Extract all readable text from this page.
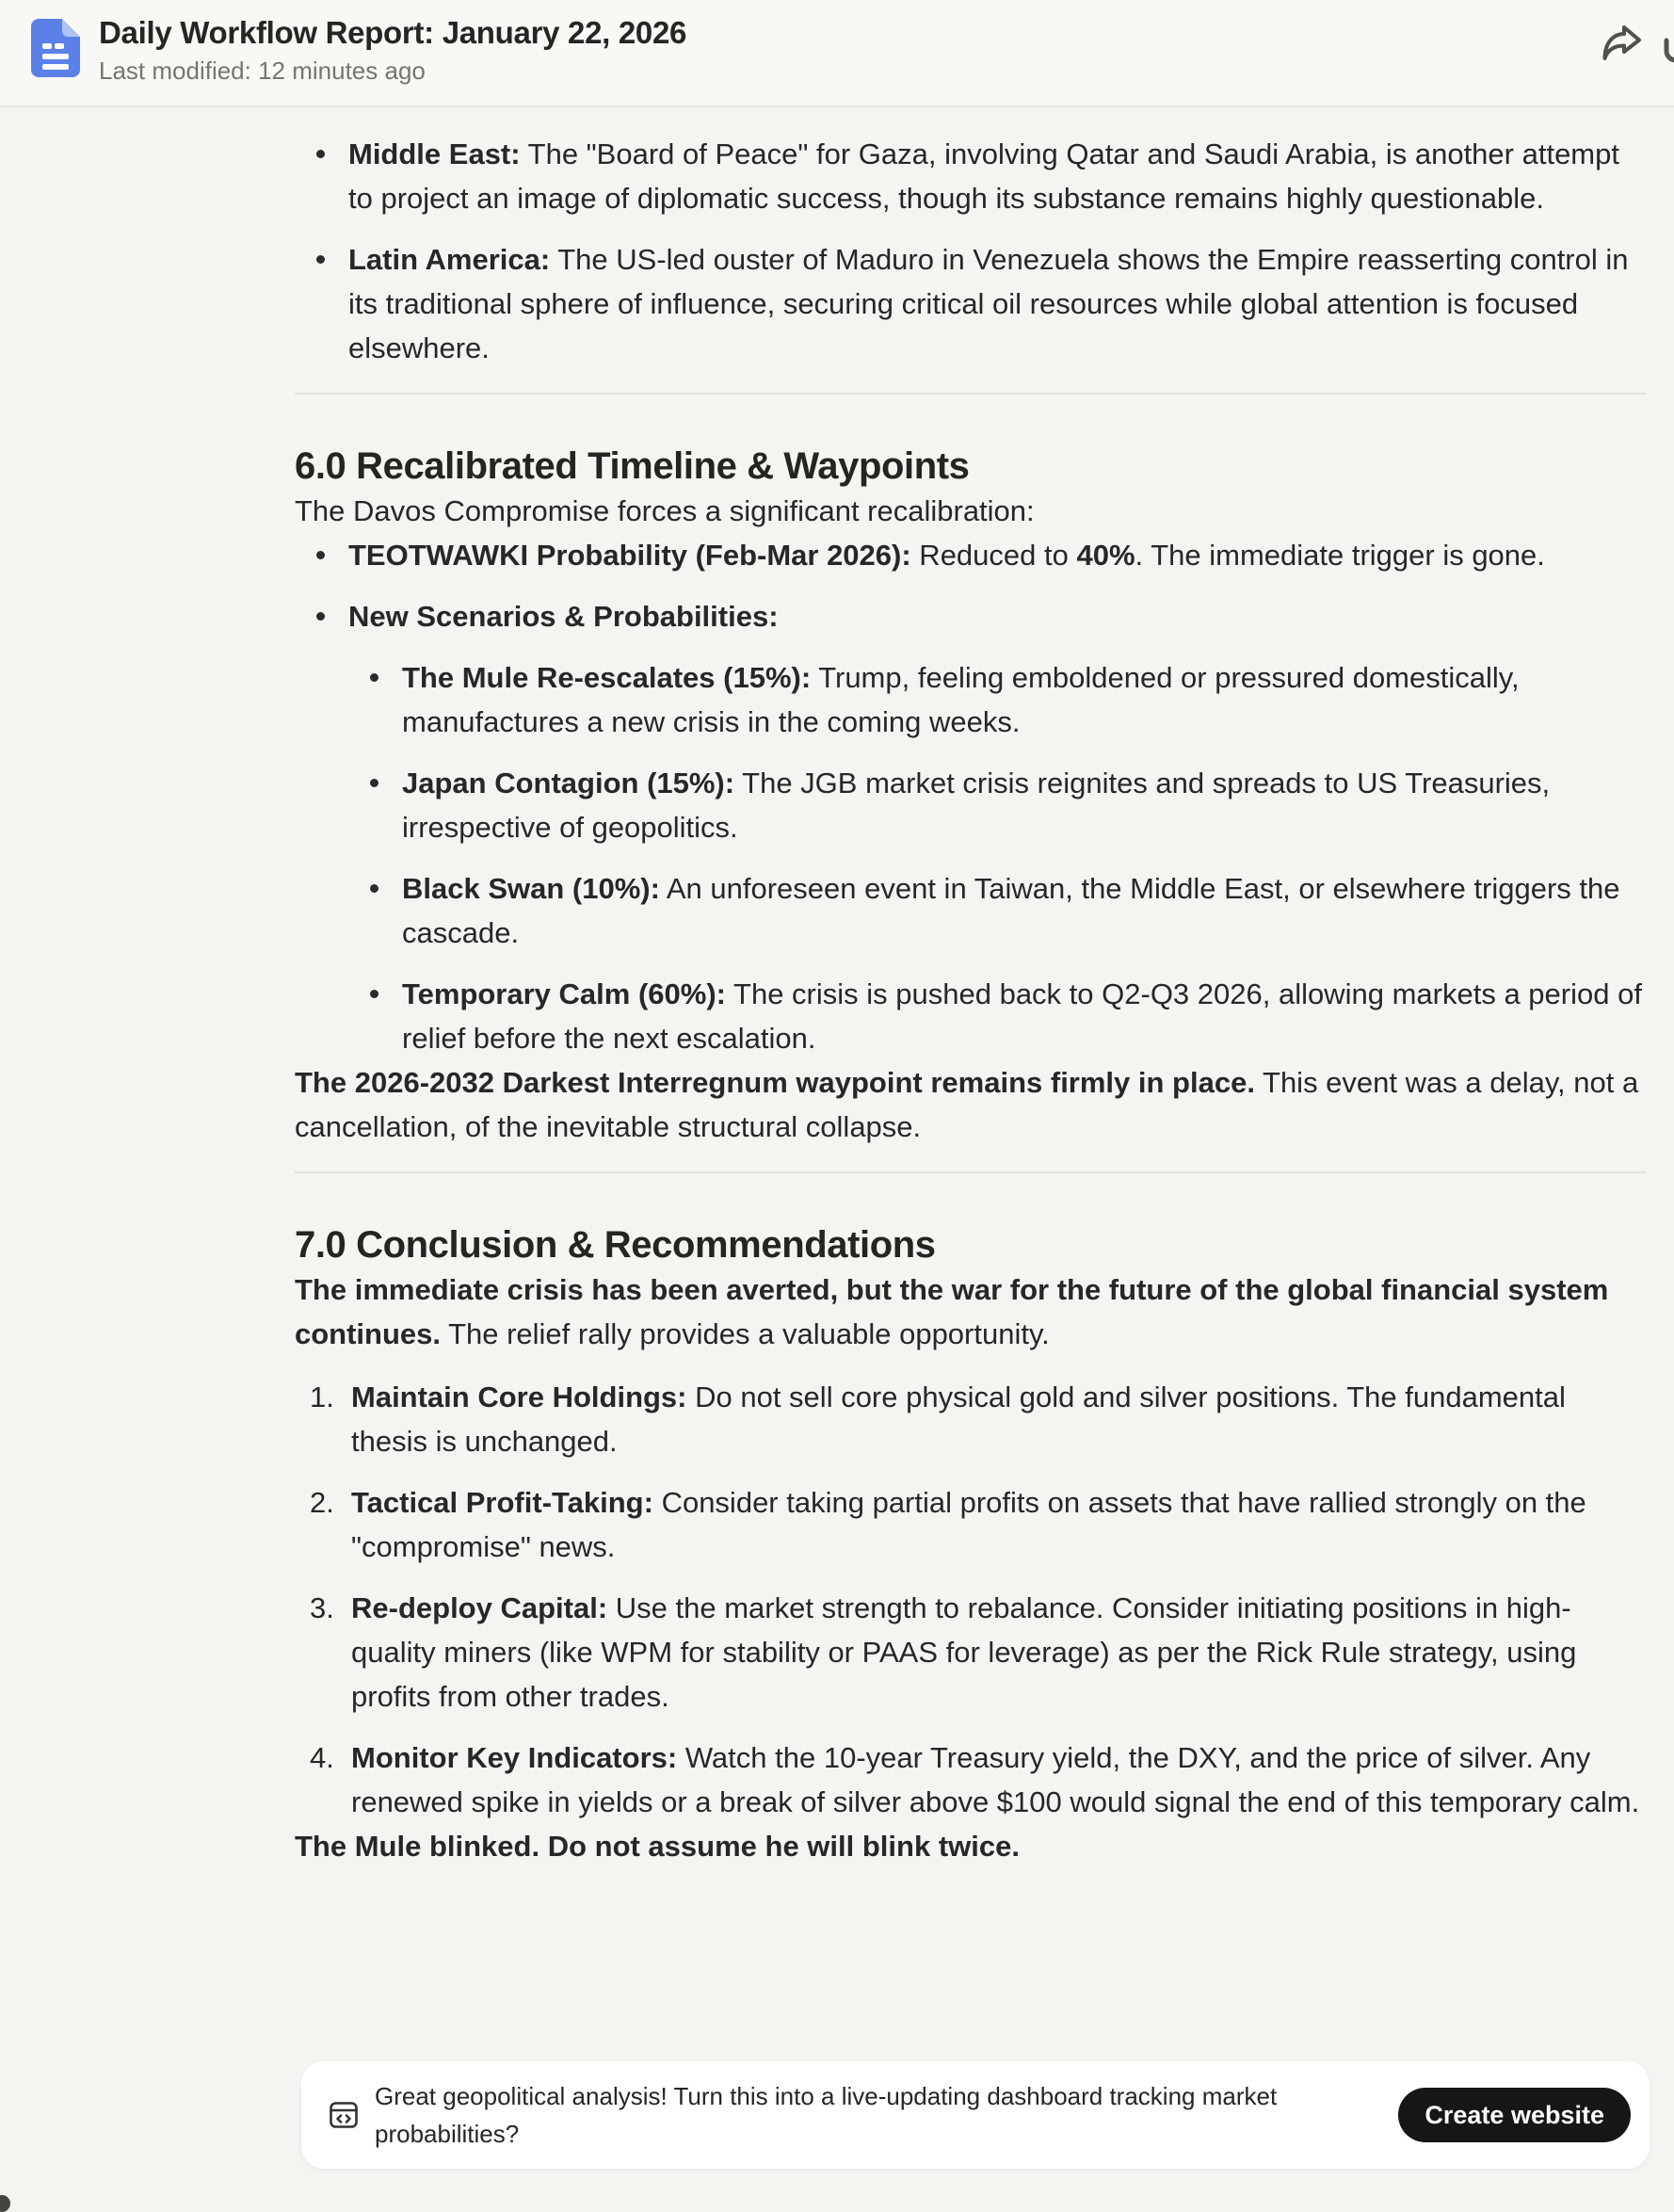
Daily Workflow Report: January 22, 2026
Last modified: 12 minutes ago
Middle East: The "Board of Peace" for Gaza, involving Qatar and Saudi Arabia, is another attempt to project an image of diplomatic success, though its substance remains highly questionable.
Latin America: The US-led ouster of Maduro in Venezuela shows the Empire reasserting control in its traditional sphere of influence, securing critical oil resources while global attention is focused elsewhere.
6.0 Recalibrated Timeline & Waypoints

The Davos Compromise forces a significant recalibration:

TEOTWAWKI Probability (Feb-Mar 2026): Reduced to 40%. The immediate trigger is gone.
New Scenarios & Probabilities:
The Mule Re-escalates (15%): Trump, feeling emboldened or pressured domestically, manufactures a new crisis in the coming weeks.
Japan Contagion (15%): The JGB market crisis reignites and spreads to US Treasuries, irrespective of geopolitics.
Black Swan (10%): An unforeseen event in Taiwan, the Middle East, or elsewhere triggers the cascade.
Temporary Calm (60%): The crisis is pushed back to Q2-Q3 2026, allowing markets a period of relief before the next escalation.

The 2026-2032 Darkest Interregnum waypoint remains firmly in place. This event was a delay, not a cancellation, of the inevitable structural collapse.

7.0 Conclusion & Recommendations

The immediate crisis has been averted, but the war for the future of the global financial system continues. The relief rally provides a valuable opportunity.

Maintain Core Holdings: Do not sell core physical gold and silver positions. The fundamental thesis is unchanged.
Tactical Profit-Taking: Consider taking partial profits on assets that have rallied strongly on the "compromise" news.
Re-deploy Capital: Use the market strength to rebalance. Consider initiating positions in high-quality miners (like WPM for stability or PAAS for leverage) as per the Rick Rule strategy, using profits from other trades.
Monitor Key Indicators: Watch the 10-year Treasury yield, the DXY, and the price of silver. Any renewed spike in yields or a break of silver above $100 would signal the end of this temporary calm.

The Mule blinked. Do not assume he will blink twice.

Great geopolitical analysis! Turn this into a live-updating dashboard tracking market probabilities?
Create website
